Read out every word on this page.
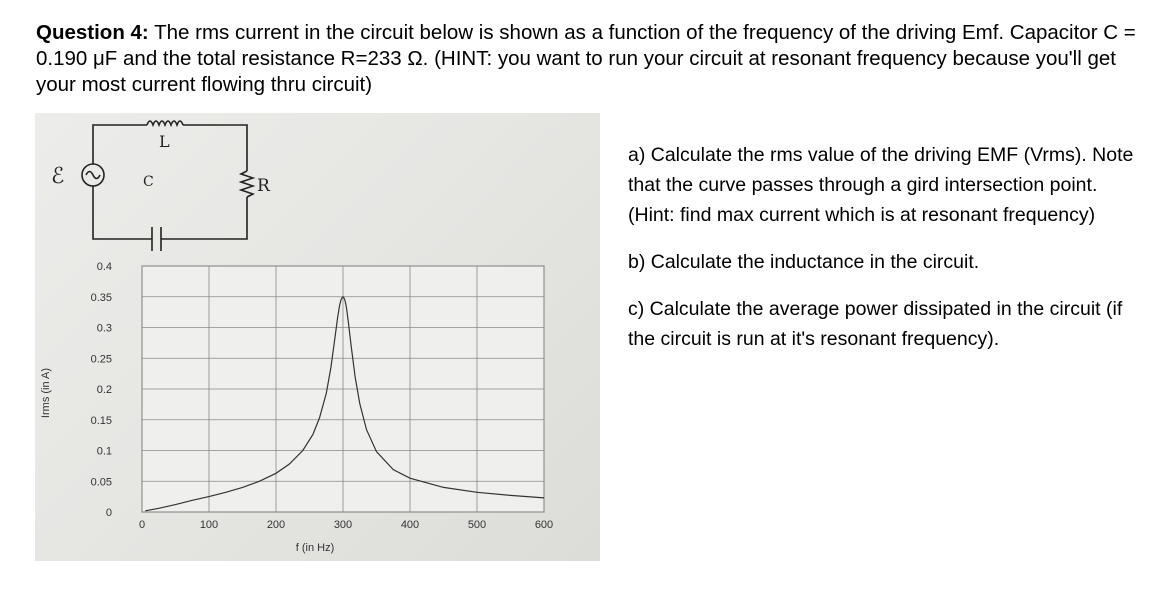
Question 4: The rms current in the circuit below is shown as a function of the frequency of the driving Emf. Capacitor C = 0.190 μF and the total resistance R=233 Ω. (HINT: you want to run your circuit at resonant frequency because you'll get your most current flowing thru circuit)
ℰ
L
C	R
0
0.05
0.1
0.15
0.2
0.25
0.3
0.35
0.4
0	100	200	300	400	500	600
f (in Hz)
Irms (in A)

a) Calculate the rms value of the driving EMF (Vrms). Note that the curve passes through a gird intersection point. (Hint: find max current which is at resonant frequency)

b) Calculate the inductance in the circuit.

c) Calculate the average power dissipated in the circuit (if the circuit is run at it's resonant frequency).
